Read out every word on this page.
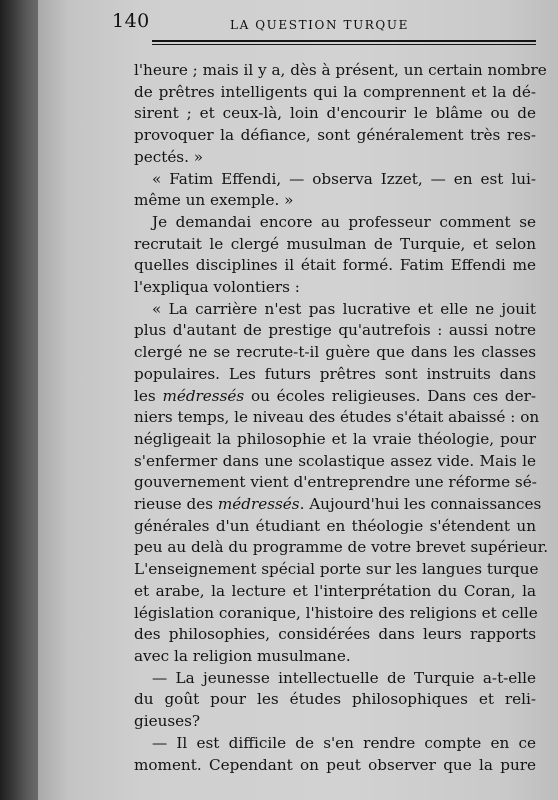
140	LA QUESTION TURQUE
l'heure ; mais il y a, dès à présent, un certain nombre
de prêtres intelligents qui la comprennent et la dé-
sirent ; et ceux-là, loin d'encourir le blâme ou de
provoquer la défiance, sont généralement très res-
pectés. »
« Fatim Effendi, — observa Izzet, — en est lui-
même un exemple. »
Je demandai encore au professeur comment se
recrutait le clergé musulman de Turquie, et selon
quelles disciplines il était formé. Fatim Effendi me
l'expliqua volontiers :
« La carrière n'est pas lucrative et elle ne jouit
plus d'autant de prestige qu'autrefois : aussi notre
clergé ne se recrute-t-il guère que dans les classes
populaires. Les futurs prêtres sont instruits dans
les médressés ou écoles religieuses. Dans ces der-
niers temps, le niveau des études s'était abaissé : on
négligeait la philosophie et la vraie théologie, pour
s'enfermer dans une scolastique assez vide. Mais le
gouvernement vient d'entreprendre une réforme sé-
rieuse des médressés. Aujourd'hui les connaissances
générales d'un étudiant en théologie s'étendent un
peu au delà du programme de votre brevet supérieur.
L'enseignement spécial porte sur les langues turque
et arabe, la lecture et l'interprétation du Coran, la
législation coranique, l'histoire des religions et celle
des philosophies, considérées dans leurs rapports
avec la religion musulmane.
— La jeunesse intellectuelle de Turquie a-t-elle
du goût pour les études philosophiques et reli-
gieuses?
— Il est difficile de s'en rendre compte en ce
moment. Cependant on peut observer que la pure
